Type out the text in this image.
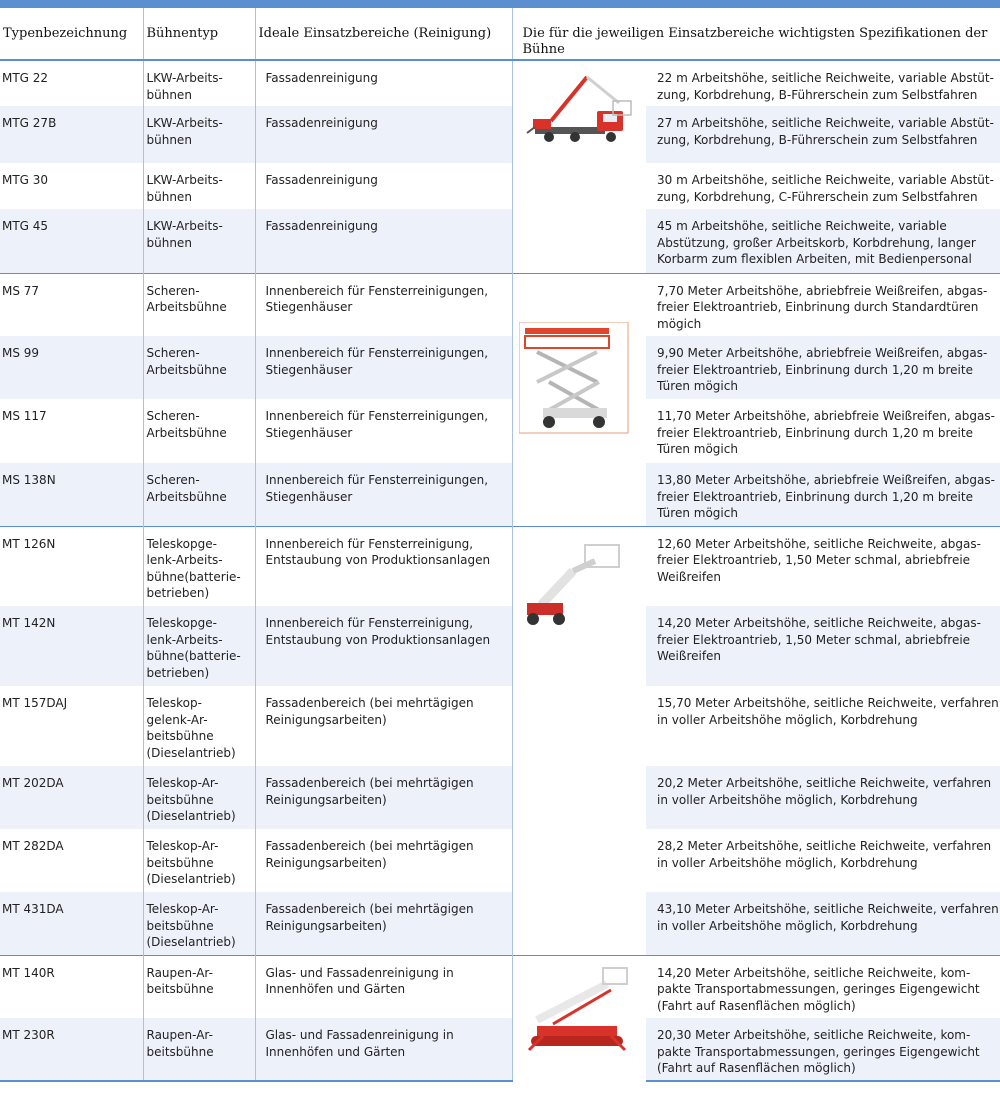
Typenbezeichnung	Bühnentyp	Ideale Einsatzbereiche (Reinigung)	Die für die jeweiligen Einsatzbereiche wichtigsten Spezifikationen der Bühne	
MTG 22	LKW-Arbeits-
bühnen	Fassadenreinigung		22 m Arbeitshöhe, seitliche Reichweite, variable Abstüt-
zung, Korbdrehung, B-Führerschein zum Selbstfahren
MTG 27B	LKW-Arbeits-
bühnen	Fassadenreinigung		27 m Arbeitshöhe, seitliche Reichweite, variable Abstüt-
zung, Korbdrehung, B-Führerschein zum Selbstfahren
MTG 30	LKW-Arbeits-
bühnen	Fassadenreinigung		30 m Arbeitshöhe, seitliche Reichweite, variable Abstüt-
zung, Korbdrehung, C-Führerschein zum Selbstfahren
MTG 45	LKW-Arbeits-
bühnen	Fassadenreinigung		45 m Arbeitshöhe, seitliche Reichweite, variable
Abstützung, großer Arbeitskorb, Korbdrehung, langer
Korbarm zum flexiblen Arbeiten, mit Bedienpersonal
MS 77	Scheren-
Arbeitsbühne	Innenbereich für Fensterreinigungen,
Stiegenhäuser		7,70 Meter Arbeitshöhe, abriebfreie Weißreifen, abgas-
freier Elektroantrieb, Einbrinung durch Standardtüren
mögich
MS 99	Scheren-
Arbeitsbühne	Innenbereich für Fensterreinigungen,
Stiegenhäuser		9,90 Meter Arbeitshöhe, abriebfreie Weißreifen, abgas-
freier Elektroantrieb, Einbrinung durch 1,20 m breite
Türen mögich
MS 117	Scheren-
Arbeitsbühne	Innenbereich für Fensterreinigungen,
Stiegenhäuser		11,70 Meter Arbeitshöhe, abriebfreie Weißreifen, abgas-
freier Elektroantrieb, Einbrinung durch 1,20 m breite
Türen mögich
MS 138N	Scheren-
Arbeitsbühne	Innenbereich für Fensterreinigungen,
Stiegenhäuser		13,80 Meter Arbeitshöhe, abriebfreie Weißreifen, abgas-
freier Elektroantrieb, Einbrinung durch 1,20 m breite
Türen mögich
MT 126N	Teleskopge-
lenk-Arbeits-
bühne(batterie-
betrieben)	Innenbereich für Fensterreinigung,
Entstaubung von Produktionsanlagen		12,60 Meter Arbeitshöhe, seitliche Reichweite, abgas-
freier Elektroantrieb, 1,50 Meter schmal, abriebfreie
Weißreifen
MT 142N	Teleskopge-
lenk-Arbeits-
bühne(batterie-
betrieben)	Innenbereich für Fensterreinigung,
Entstaubung von Produktionsanlagen		14,20 Meter Arbeitshöhe, seitliche Reichweite, abgas-
freier Elektroantrieb, 1,50 Meter schmal, abriebfreie
Weißreifen
MT 157DAJ	Teleskop-
gelenk-Ar-
beitsbühne
(Dieselantrieb)	Fassadenbereich (bei mehrtägigen
Reinigungsarbeiten)		15,70 Meter Arbeitshöhe, seitliche Reichweite, verfahren
in voller Arbeitshöhe möglich, Korbdrehung
MT 202DA	Teleskop-Ar-
beitsbühne
(Dieselantrieb)	Fassadenbereich (bei mehrtägigen
Reinigungsarbeiten)		20,2 Meter Arbeitshöhe, seitliche Reichweite, verfahren
in voller Arbeitshöhe möglich, Korbdrehung
MT 282DA	Teleskop-Ar-
beitsbühne
(Dieselantrieb)	Fassadenbereich (bei mehrtägigen
Reinigungsarbeiten)		28,2 Meter Arbeitshöhe, seitliche Reichweite, verfahren
in voller Arbeitshöhe möglich, Korbdrehung
MT 431DA	Teleskop-Ar-
beitsbühne
(Dieselantrieb)	Fassadenbereich (bei mehrtägigen
Reinigungsarbeiten)		43,10 Meter Arbeitshöhe, seitliche Reichweite, verfahren
in voller Arbeitshöhe möglich, Korbdrehung
MT 140R	Raupen-Ar-
beitsbühne	Glas- und Fassadenreinigung in
Innenhöfen und Gärten		14,20 Meter Arbeitshöhe, seitliche Reichweite, kom-
pakte Transportabmessungen, geringes Eigengewicht
(Fahrt auf Rasenflächen möglich)
MT 230R	Raupen-Ar-
beitsbühne	Glas- und Fassadenreinigung in
Innenhöfen und Gärten		20,30 Meter Arbeitshöhe, seitliche Reichweite, kom-
pakte Transportabmessungen, geringes Eigengewicht
(Fahrt auf Rasenflächen möglich)
